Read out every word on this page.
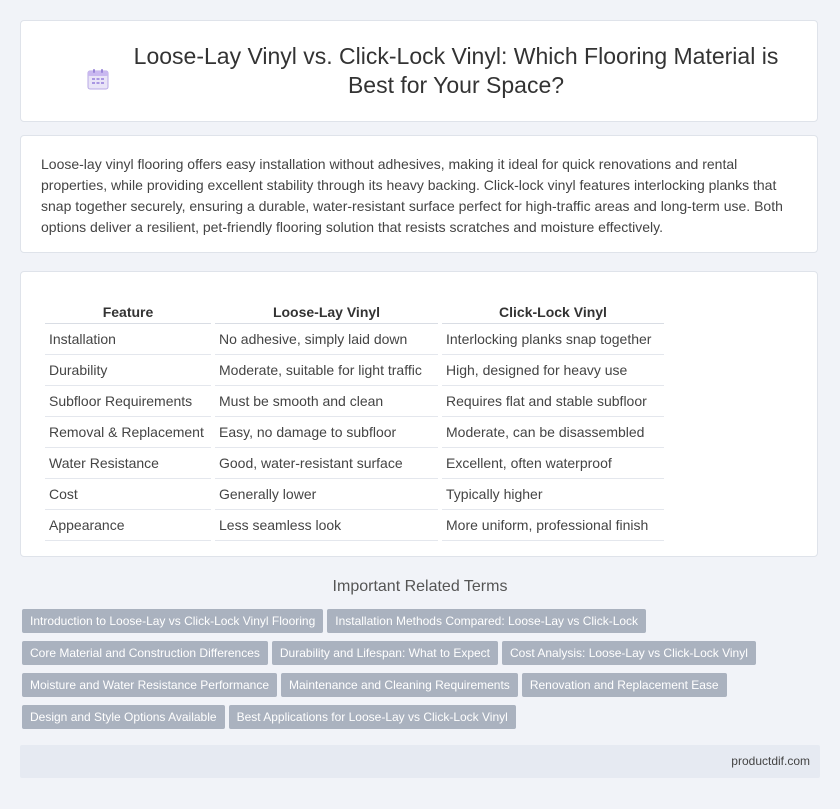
Loose-Lay Vinyl vs. Click-Lock Vinyl: Which Flooring Material is Best for Your Space?

Loose-lay vinyl flooring offers easy installation without adhesives, making it ideal for quick renovations and rental properties, while providing excellent stability through its heavy backing. Click-lock vinyl features interlocking planks that snap together securely, ensuring a durable, water-resistant surface perfect for high-traffic areas and long-term use. Both options deliver a resilient, pet-friendly flooring solution that resists scratches and moisture effectively.

Feature	Loose-Lay Vinyl	Click-Lock Vinyl
Installation	No adhesive, simply laid down	Interlocking planks snap together
Durability	Moderate, suitable for light traffic	High, designed for heavy use
Subfloor Requirements	Must be smooth and clean	Requires flat and stable subfloor
Removal & Replacement	Easy, no damage to subfloor	Moderate, can be disassembled
Water Resistance	Good, water-resistant surface	Excellent, often waterproof
Cost	Generally lower	Typically higher
Appearance	Less seamless look	More uniform, professional finish
Important Related Terms
Introduction to Loose-Lay vs Click-Lock Vinyl Flooring Installation Methods Compared: Loose-Lay vs Click-Lock
Core Material and Construction Differences Durability and Lifespan: What to Expect Cost Analysis: Loose-Lay vs Click-Lock Vinyl
Moisture and Water Resistance Performance Maintenance and Cleaning Requirements Renovation and Replacement Ease
Design and Style Options Available Best Applications for Loose-Lay vs Click-Lock Vinyl
productdif.com
